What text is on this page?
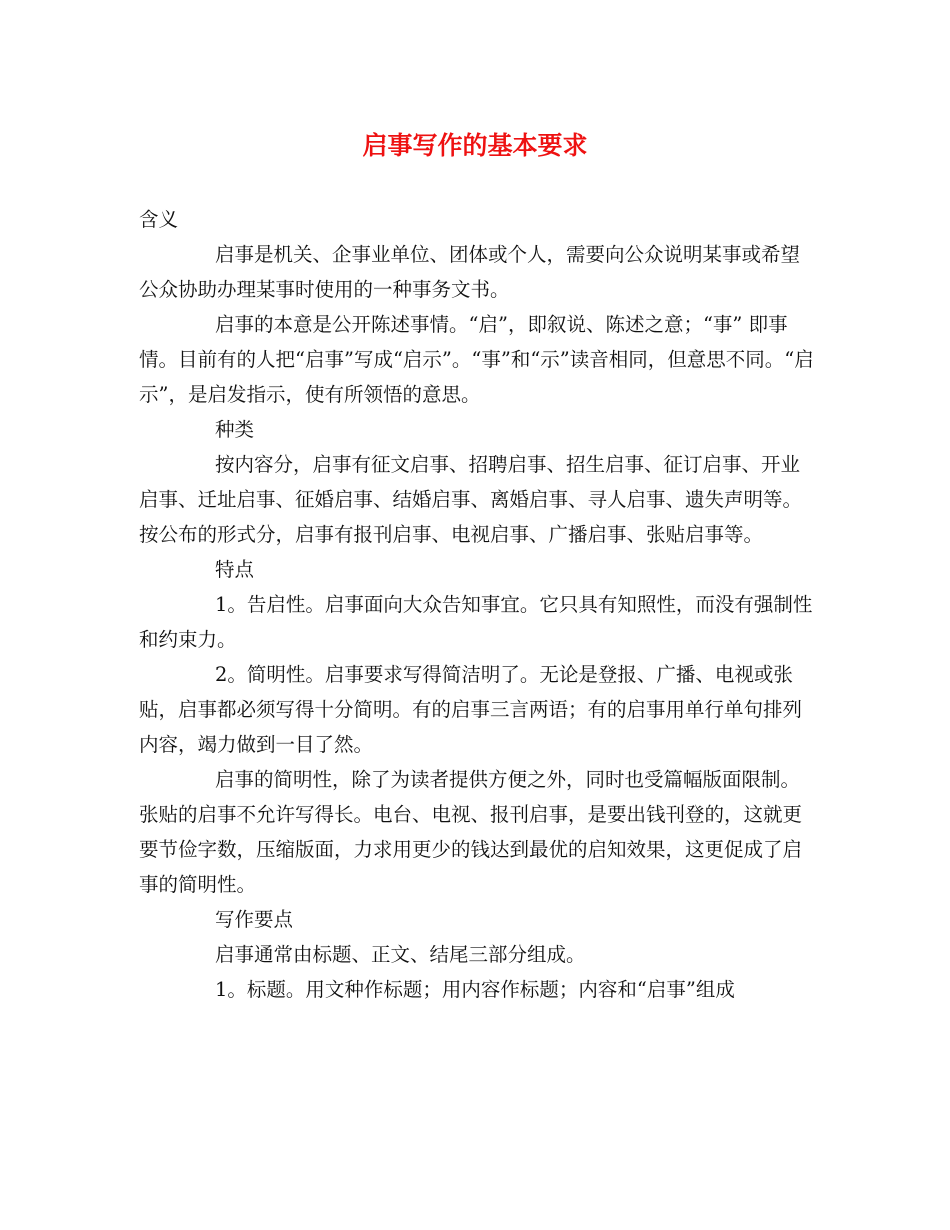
启事写作的基本要求

含义

启事是机关、企事业单位、团体或个人，需要向公众说明某事或希望公众协助办理某事时使用的一种事务文书。

启事的本意是公开陈述事情。“启”，即叙说、陈述之意；“事” 即事情。目前有的人把“启事”写成“启示”。“事”和“示”读音相同，但意思不同。“启示”，是启发指示，使有所领悟的意思。

种类

按内容分，启事有征文启事、招聘启事、招生启事、征订启事、开业启事、迁址启事、征婚启事、结婚启事、离婚启事、寻人启事、遗失声明等。按公布的形式分，启事有报刊启事、电视启事、广播启事、张贴启事等。

特点

1。告启性。启事面向大众告知事宜。它只具有知照性，而没有强制性和约束力。

2。简明性。启事要求写得简洁明了。无论是登报、广播、电视或张贴，启事都必须写得十分简明。有的启事三言两语；有的启事用单行单句排列内容，竭力做到一目了然。

启事的简明性，除了为读者提供方便之外，同时也受篇幅版面限制。张贴的启事不允许写得长。电台、电视、报刊启事，是要出钱刊登的，这就更要节俭字数，压缩版面，力求用更少的钱达到最优的启知效果，这更促成了启事的简明性。

写作要点

启事通常由标题、正文、结尾三部分组成。

1。标题。用文种作标题；用内容作标题；内容和“启事”组成
